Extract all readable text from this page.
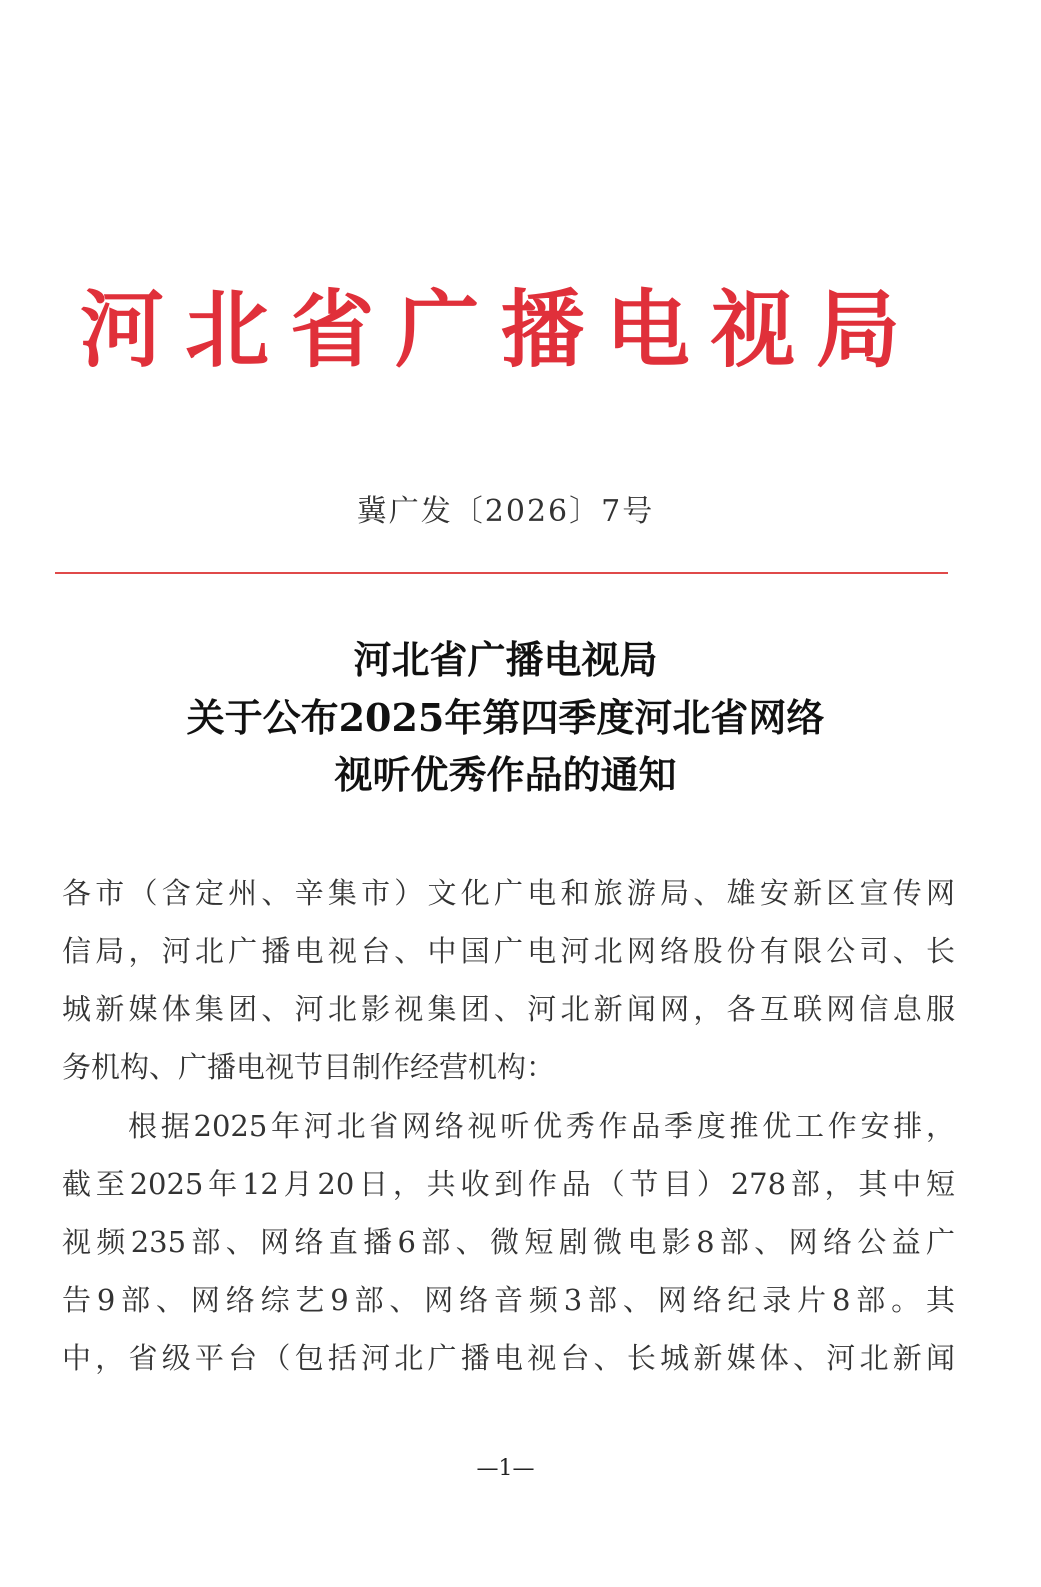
河北省广播电视局
冀广发〔2026〕7号
河北省广播电视局
关于公布2025年第四季度河北省网络
视听优秀作品的通知
各市（含定州、辛集市）文化广电和旅游局、雄安新区宣传网
信局，河北广播电视台、中国广电河北网络股份有限公司、长
城新媒体集团、河北影视集团、河北新闻网，各互联网信息服
务机构、广播电视节目制作经营机构：
根据2025年河北省网络视听优秀作品季度推优工作安排，
截至2025年12月20日，共收到作品（节目）278部，其中短
视频235部、网络直播6部、微短剧微电影8部、网络公益广
告9部、网络综艺9部、网络音频3部、网络纪录片8部。其
中，省级平台（包括河北广播电视台、长城新媒体、河北新闻
—1—
